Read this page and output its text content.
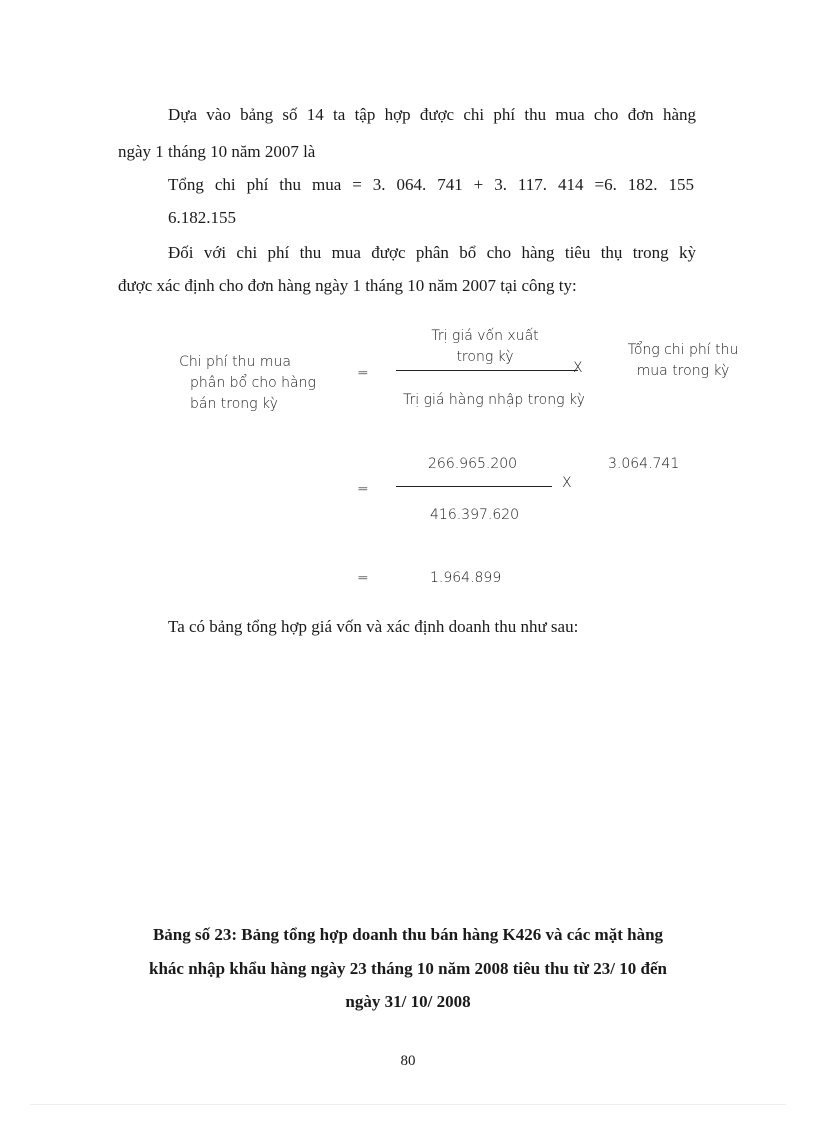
Dựa vào bảng số 14 ta tập hợp được chi phí thu mua cho đơn hàng
ngày 1 tháng 10 năm 2007 là
Tổng chi phí thu mua = 3. 064. 741 + 3. 117. 414 =6. 182. 155
6.182.155
Đối với chi phí thu mua được phân bổ cho hàng tiêu thụ trong kỳ
được xác định cho đơn hàng ngày 1 tháng 10 năm 2007 tại công ty:
Chi phí thu mua
phân bổ cho hàng
bán trong kỳ
=
Trị giá vốn xuất
trong kỳ
X
Trị giá hàng nhập trong kỳ
Tổng chi phí thu
mua trong kỳ
=
266.965.200
X
416.397.620
3.064.741
=	1.964.899
Ta có bảng tổng hợp giá vốn và xác định doanh thu như sau:
Bảng số 23: Bảng tổng hợp doanh thu bán hàng K426 và các mặt hàng
khác nhập khẩu hàng ngày 23 tháng 10 năm 2008 tiêu thu từ 23/ 10 đến
ngày 31/ 10/ 2008
80
